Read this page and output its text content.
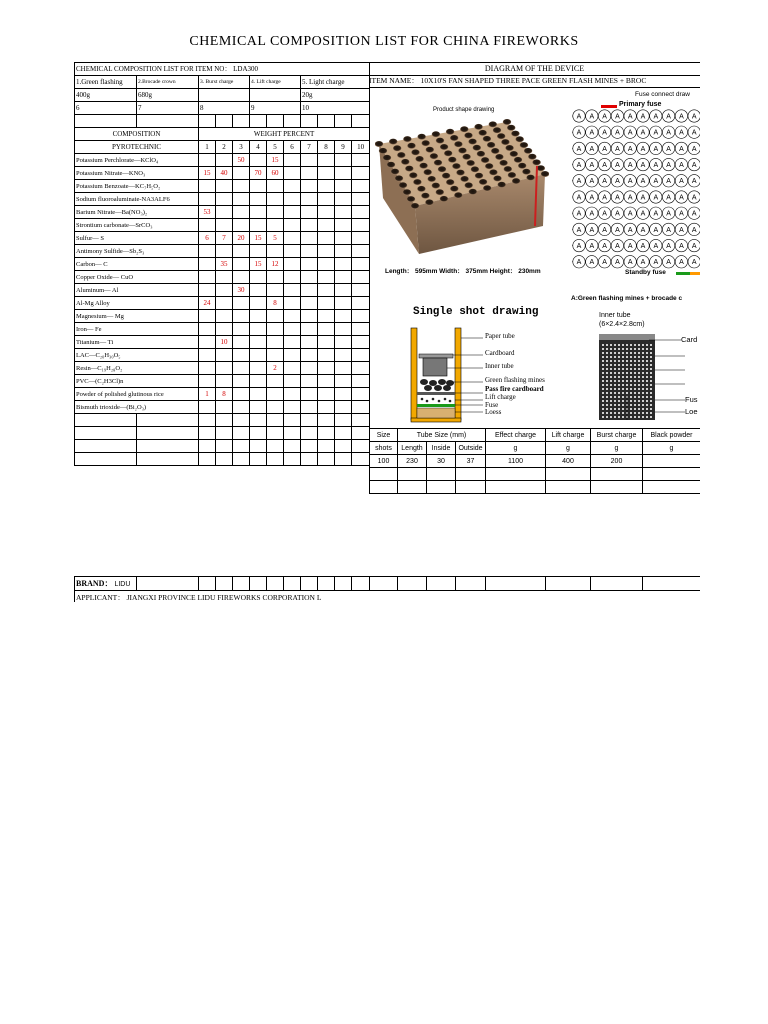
CHEMICAL COMPOSITION LIST FOR CHINA FIREWORKS
CHEMICAL COMPOSITION LIST FOR ITEM NO： LDA300											
1.Green flashing	2.Brocade crown	3. Burst charge			4. Lift charge			5. Light charge			
400g	680g							20g			
6	7	8			9			10			

COMPOSITION		WEIGHT PERCENT									
PYROTECHNIC		1	2	3	4	5	6	7	8	9	10
Potassium Perchlorate—KClO₄				50		15					
Potassium Nitrate—KNO₃		15	40		70	60					
Potassium Benzoate—KC₇H₅O₂											
Sodium fluoroaluminate-NA3ALF6											
Barium Nitrate—Ba(NO₃)₂		53									
Strontium carbonate—SrCO₃											
Sulfur— S		6	7	20	15	5					
Antimony Sulfide—Sb₂S₃											
Carbon— C			35		15	12					
Copper Oxide— CuO											
Aluminum— Al				30							
Al-Mg Alloy		24				8					
Magnesium— Mg											
Iron— Fe											
Titanium— Ti			10								
LAC—C₂₀H₃₀O₅											
Resin—C₁₉H₂₈O₂						2					
PVC—(C₂H3Cl)n											
Powder of polished glutinous rice		1	8								
Bismuth trioxide—(Bi₂O₃)											

DIAGRAM OF THE DEVICE
ITEM NAME： 10X10'S FAN SHAPED THREE PACE GREEN FLASH MINES + BROC
Product shape drawing
Length： 595mm Width： 375mm Height： 230mm
Fuse connect draw
Primary fuse
A A A A A A A A A A
A A A A A A A A A A
A A A A A A A A A A
A A A A A A A A A A
A A A A A A A A A A
A A A A A A A A A A
A A A A A A A A A A
A A A A A A A A A A
A A A A A A A A A A
A A A A A A A A A A
Standby fuse
A:Green flashing mines + brocade c
Single shot drawing
Paper tube
Cardboard
Inner tube
Green flashing mines
Pass fire cardboard
Lift charge
Fuse
Loess
Inner tube
(6×2.4×2.8cm)
Card
Fus
Loe
Size	Tube Size (mm)			Effect charge	Lift charge	Burst charge	Black powder
shots	Length	Inside	Outside	g	g	g	g
100	230	30	37	1100	400	200	

BRAND： LIDU																			
APPLICANT： JIANGXI PROVINCE LIDU FIREWORKS CORPORATION L
